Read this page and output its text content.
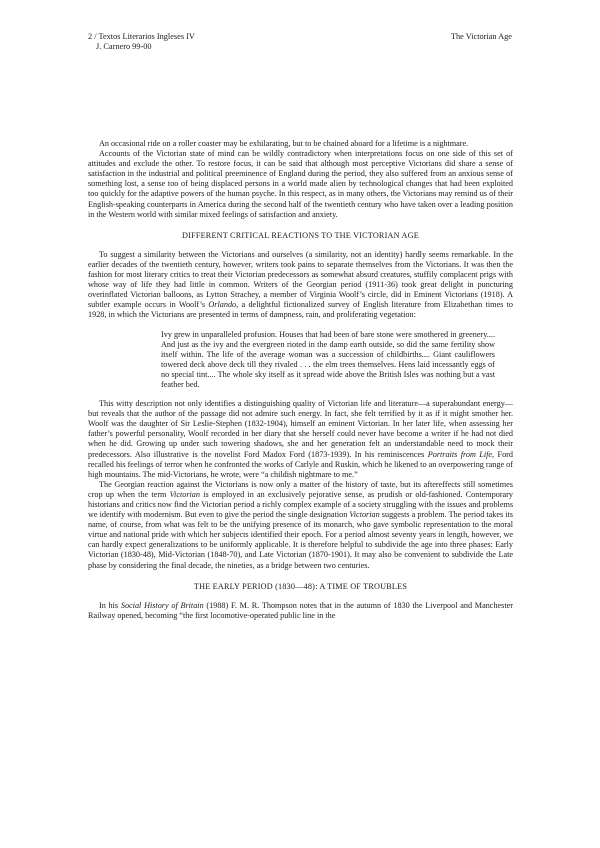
2 / Textos Literarios Ingleses IV
J. Carnero 99-00
The Victorian Age

An occasional ride on a roller coaster may be exhilarating, but to be chained aboard for a lifetime is a nightmare.

Accounts of the Victorian state of mind can be wildly contradictory when interpretations focus on one side of this set of attitudes and exclude the other. To restore focus, it can be said that although most perceptive Victorians did share a sense of satisfaction in the industrial and political preeminence of England during the period, they also suffered from an anxious sense of something lost, a sense too of being displaced persons in a world made alien by technological changes that had been exploited too quickly for the adaptive powers of the human psyche. In this respect, as in many others, the Victorians may remind us of their English-speaking counterparts in America during the second half of the twentieth century who have taken over a leading position in the Western world with similar mixed feelings of satisfaction and anxiety.

DIFFERENT CRITICAL REACTIONS TO THE VICTORIAN AGE

To suggest a similarity between the Victorians and ourselves (a similarity, not an identity) hardly seems remarkable. In the earlier decades of the twentieth century, however, writers took pains to separate themselves from the Victorians. It was then the fashion for most literary critics to treat their Victorian predecessors as somewhat absurd creatures, stuffily complacent prigs with whose way of life they had little in common. Writers of the Georgian period (1911-36) took great delight in puncturing overinflated Victorian balloons, as Lytton Strachey, a member of Virginia Woolf’s circle, did in Eminent Victorians (1918). A subtler example occurs in Woolf’s Orlando, a delightful fictionalized survey of English literature from Elizabethan times to 1928, in which the Victorians are presented in terms of dampness, rain, and proliferating vegetation:

Ivy grew in unparalleled profusion. Houses that had been of bare stone were smothered in greenery.... And just as the ivy and the evergreen rioted in the damp earth outside, so did the same fertility show itself within. The life of the average woman was a succession of childbirths.... Giant cauliflowers towered deck above deck till they rivaled . . . the elm trees themselves. Hens laid incessantly eggs of no special tint.... The whole sky itself as it spread wide above the British Isles was nothing but a vast feather bed.

This witty description not only identifies a distinguishing quality of Victorian life and literature—a superabundant energy—but reveals that the author of the passage did not admire such energy. In fact, she felt terrified by it as if it might smother her. Woolf was the daughter of Sir Leslie-Stephen (1832-1904), himself an eminent Victorian. In her later life, when assessing her father’s powerful personality, Woolf recorded in her diary that she herself could never have become a writer if he had not died when he did. Growing up under such towering shadows, she and her generation felt an understandable need to mock their predecessors. Also illustrative is the novelist Ford Madox Ford (1873-1939). In his reminiscences Portraits from Life, Ford recalled his feelings of terror when he confronted the works of Carlyle and Ruskin, which he likened to an overpowering range of high mountains. The mid-Victorians, he wrote, were “a childish nightmare to me.”

The Georgian reaction against the Victorians is now only a matter of the history of taste, but its aftereffects still sometimes crop up when the term Victorian is employed in an exclusively pejorative sense, as prudish or old-fashioned. Contemporary historians and critics now find the Victorian period a richly complex example of a society struggling with the issues and problems we identify with modernism. But even to give the period the single designation Victorian suggests a problem. The period takes its name, of course, from what was felt to be the unifying presence of its monarch, who gave symbolic representation to the moral virtue and national pride with which her subjects identified their epoch. For a period almost seventy years in length, however, we can hardly expect generalizations to be uniformly applicable. It is therefore helpful to subdivide the age into three phases: Early Victorian (1830-48), Mid-Victorian (1848-70), and Late Victorian (1870-1901). It may also be convenient to subdivide the Late phase by considering the final decade, the nineties, as a bridge between two centuries.

THE EARLY PERIOD (1830—48): A TIME OF TROUBLES

In his Social History of Britain (1988) F. M. R. Thompson notes that in the autumn of 1830 the Liverpool and Manchester Railway opened, becoming “the first locomotive-operated public line in the
